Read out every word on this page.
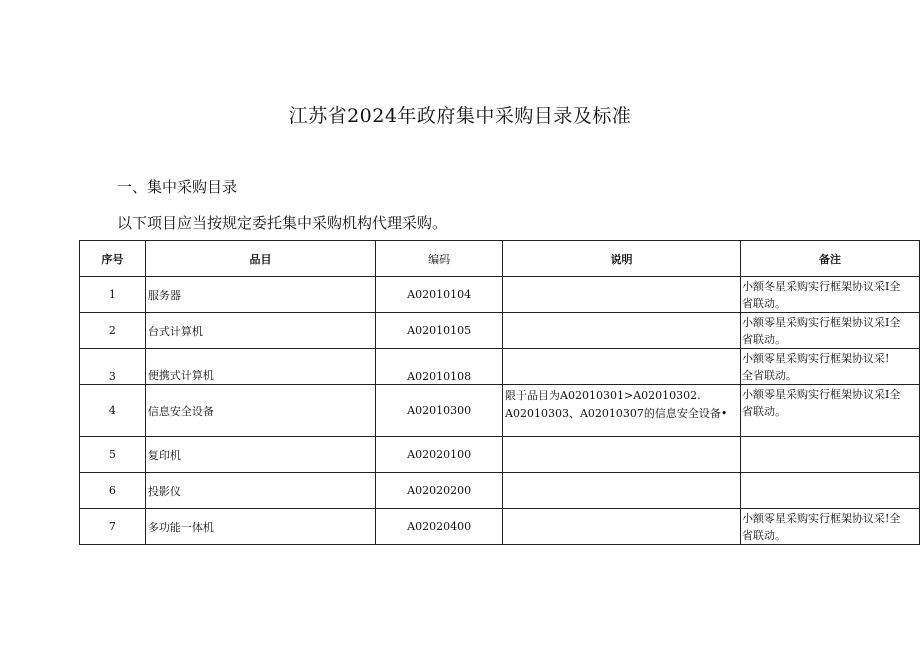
江苏省2024年政府集中采购目录及标准
一、集中采购目录
以下项目应当按规定委托集中采购机构代理采购。
序号	品目	编码	说明	备注
1	服务器	A02010104		小额冬星采购实行框架协议采I全
省联动。
2	台式计算机	A02010105		小额零星采购实行框架协议采I全
省联动。
3	便携式计算机	A02010108		小额零星采购实行框架协议采!
全省联动。
4	信息安全设备	A02010300	限于品目为A02010301>A02010302.
A02010303、A02010307的信息安全设备•	小额零星采购实行框架协议采I全
省联动。
5	复印机	A02020100		
6	投影仪	A02020200		
7	多功能一体机	A02020400		小额零星采购实行框架协议采!全
省联动。
